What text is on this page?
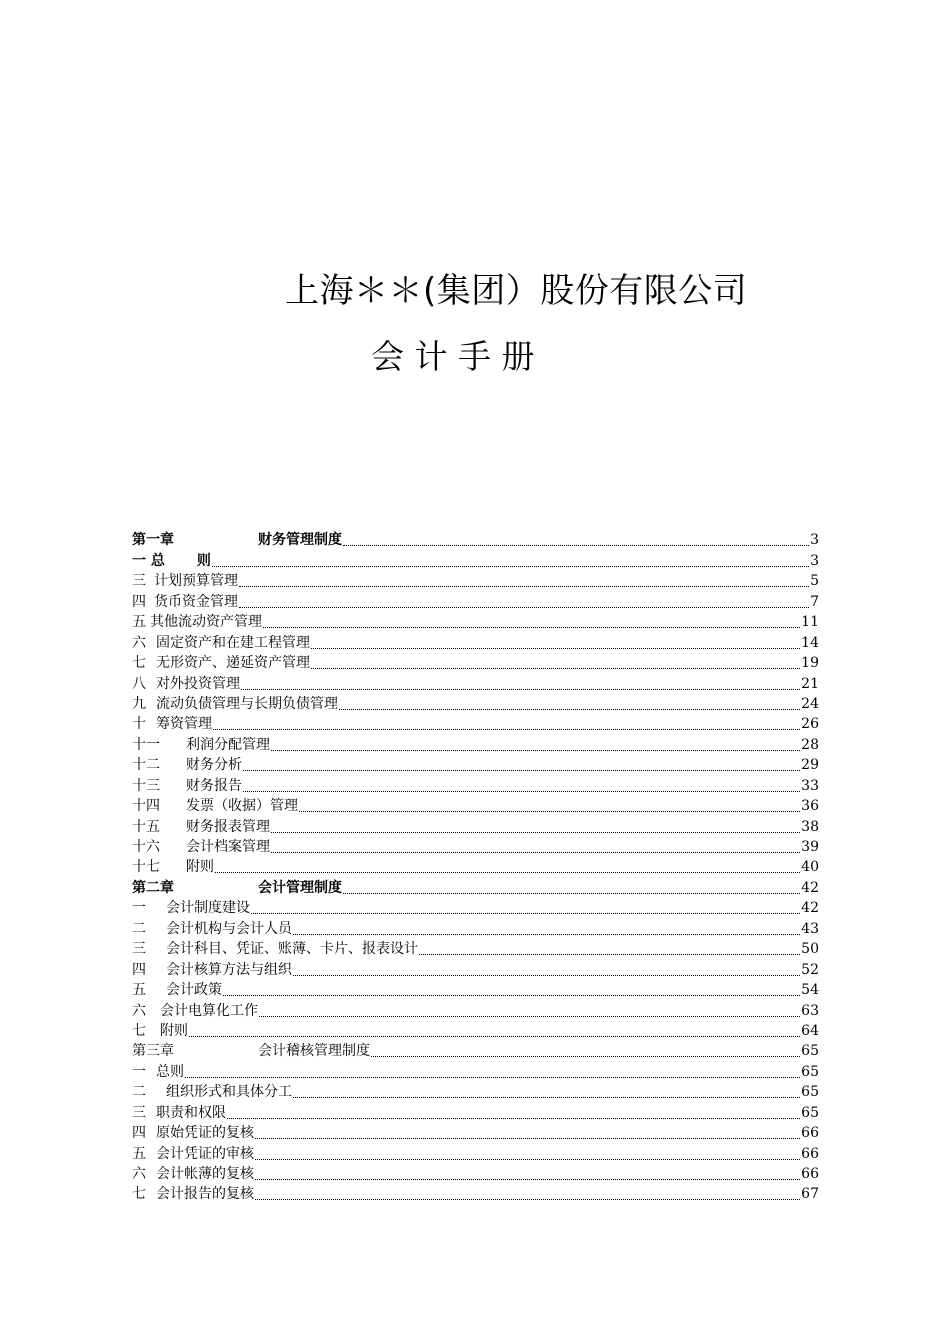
上海＊＊(集团）股份有限公司
会 计 手 册
第一章	财务管理制度	3
一 总 则	3
三 计划预算管理	5
四 货币资金管理	7
五 其他流动资产管理	11
六 固定资产和在建工程管理	14
七 无形资产、递延资产管理	19
八 对外投资管理	21
九 流动负债管理与长期负债管理	24
十 筹资管理	26
十一 利润分配管理	28
十二 财务分析	29
十三 财务报告	33
十四 发票（收据）管理	36
十五 财务报表管理	38
十六 会计档案管理	39
十七 附则	40
第二章	会计管理制度	42
一 会计制度建设	42
二 会计机构与会计人员	43
三 会计科目、凭证、账薄、卡片、报表设计	50
四 会计核算方法与组织	52
五 会计政策	54
六 会计电算化工作	63
七 附则	64
第三章	会计稽核管理制度	65
一 总则	65
二 组织形式和具体分工	65
三 职责和权限	65
四 原始凭证的复核	66
五 会计凭证的审核	66
六 会计帐薄的复核	66
七 会计报告的复核	67
